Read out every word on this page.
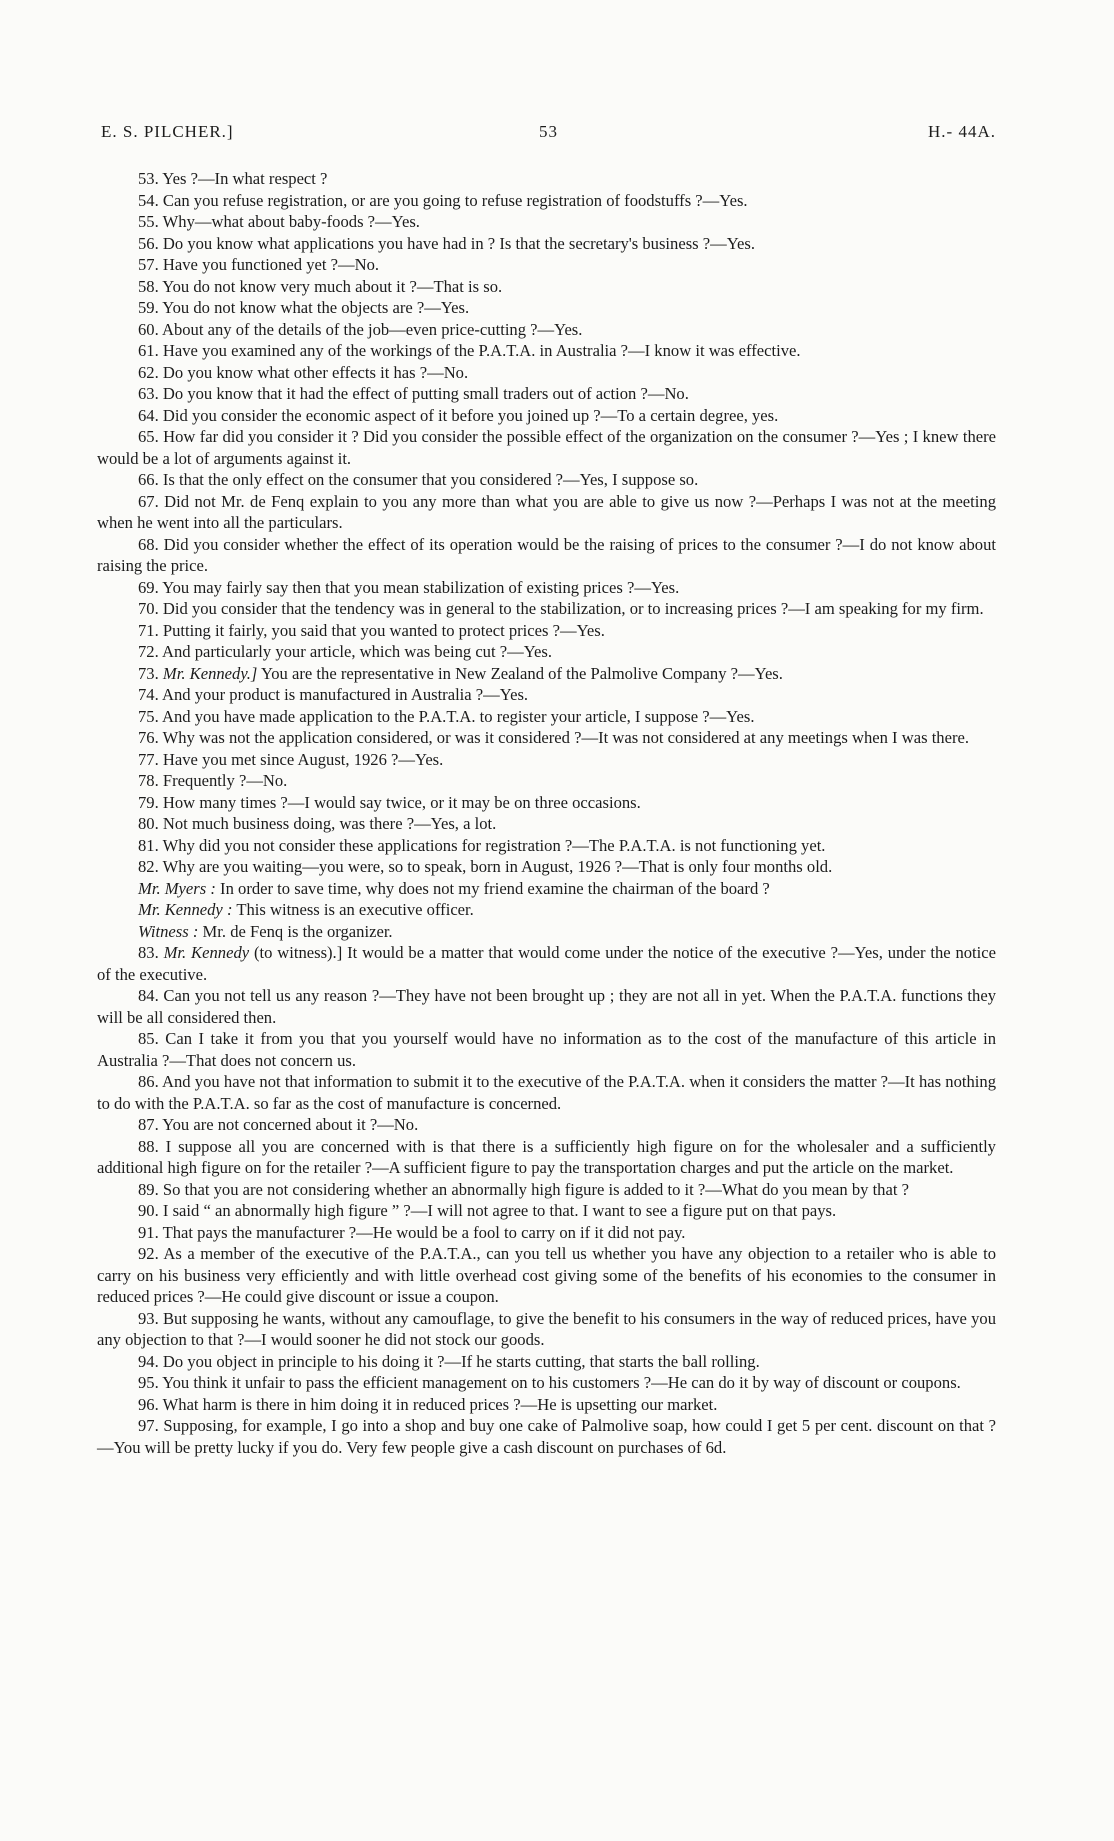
E. S. PILCHER.]	53	H.- 44A.

53. Yes ?—In what respect ?

54. Can you refuse registration, or are you going to refuse registration of foodstuffs ?—Yes.

55. Why—what about baby-foods ?—Yes.

56. Do you know what applications you have had in ? Is that the secretary's business ?—Yes.

57. Have you functioned yet ?—No.

58. You do not know very much about it ?—That is so.

59. You do not know what the objects are ?—Yes.

60. About any of the details of the job—even price-cutting ?—Yes.

61. Have you examined any of the workings of the P.A.T.A. in Australia ?—I know it was effective.

62. Do you know what other effects it has ?—No.

63. Do you know that it had the effect of putting small traders out of action ?—No.

64. Did you consider the economic aspect of it before you joined up ?—To a certain degree, yes.

65. How far did you consider it ? Did you consider the possible effect of the organization on the consumer ?—Yes ; I knew there would be a lot of arguments against it.

66. Is that the only effect on the consumer that you considered ?—Yes, I suppose so.

67. Did not Mr. de Fenq explain to you any more than what you are able to give us now ?—Perhaps I was not at the meeting when he went into all the particulars.

68. Did you consider whether the effect of its operation would be the raising of prices to the consumer ?—I do not know about raising the price.

69. You may fairly say then that you mean stabilization of existing prices ?—Yes.

70. Did you consider that the tendency was in general to the stabilization, or to increasing prices ?—I am speaking for my firm.

71. Putting it fairly, you said that you wanted to protect prices ?—Yes.

72. And particularly your article, which was being cut ?—Yes.

73. Mr. Kennedy.] You are the representative in New Zealand of the Palmolive Company ?—Yes.

74. And your product is manufactured in Australia ?—Yes.

75. And you have made application to the P.A.T.A. to register your article, I suppose ?—Yes.

76. Why was not the application considered, or was it considered ?—It was not considered at any meetings when I was there.

77. Have you met since August, 1926 ?—Yes.

78. Frequently ?—No.

79. How many times ?—I would say twice, or it may be on three occasions.

80. Not much business doing, was there ?—Yes, a lot.

81. Why did you not consider these applications for registration ?—The P.A.T.A. is not functioning yet.

82. Why are you waiting—you were, so to speak, born in August, 1926 ?—That is only four months old.

Mr. Myers : In order to save time, why does not my friend examine the chairman of the board ?

Mr. Kennedy : This witness is an executive officer.

Witness : Mr. de Fenq is the organizer.

83. Mr. Kennedy (to witness).] It would be a matter that would come under the notice of the executive ?—Yes, under the notice of the executive.

84. Can you not tell us any reason ?—They have not been brought up ; they are not all in yet. When the P.A.T.A. functions they will be all considered then.

85. Can I take it from you that you yourself would have no information as to the cost of the manufacture of this article in Australia ?—That does not concern us.

86. And you have not that information to submit it to the executive of the P.A.T.A. when it considers the matter ?—It has nothing to do with the P.A.T.A. so far as the cost of manufacture is concerned.

87. You are not concerned about it ?—No.

88. I suppose all you are concerned with is that there is a sufficiently high figure on for the wholesaler and a sufficiently additional high figure on for the retailer ?—A sufficient figure to pay the transportation charges and put the article on the market.

89. So that you are not considering whether an abnormally high figure is added to it ?—What do you mean by that ?

90. I said “ an abnormally high figure ” ?—I will not agree to that. I want to see a figure put on that pays.

91. That pays the manufacturer ?—He would be a fool to carry on if it did not pay.

92. As a member of the executive of the P.A.T.A., can you tell us whether you have any objection to a retailer who is able to carry on his business very efficiently and with little overhead cost giving some of the benefits of his economies to the consumer in reduced prices ?—He could give discount or issue a coupon.

93. But supposing he wants, without any camouflage, to give the benefit to his consumers in the way of reduced prices, have you any objection to that ?—I would sooner he did not stock our goods.

94. Do you object in principle to his doing it ?—If he starts cutting, that starts the ball rolling.

95. You think it unfair to pass the efficient management on to his customers ?—He can do it by way of discount or coupons.

96. What harm is there in him doing it in reduced prices ?—He is upsetting our market.

97. Supposing, for example, I go into a shop and buy one cake of Palmolive soap, how could I get 5 per cent. discount on that ?—You will be pretty lucky if you do. Very few people give a cash discount on purchases of 6d.
